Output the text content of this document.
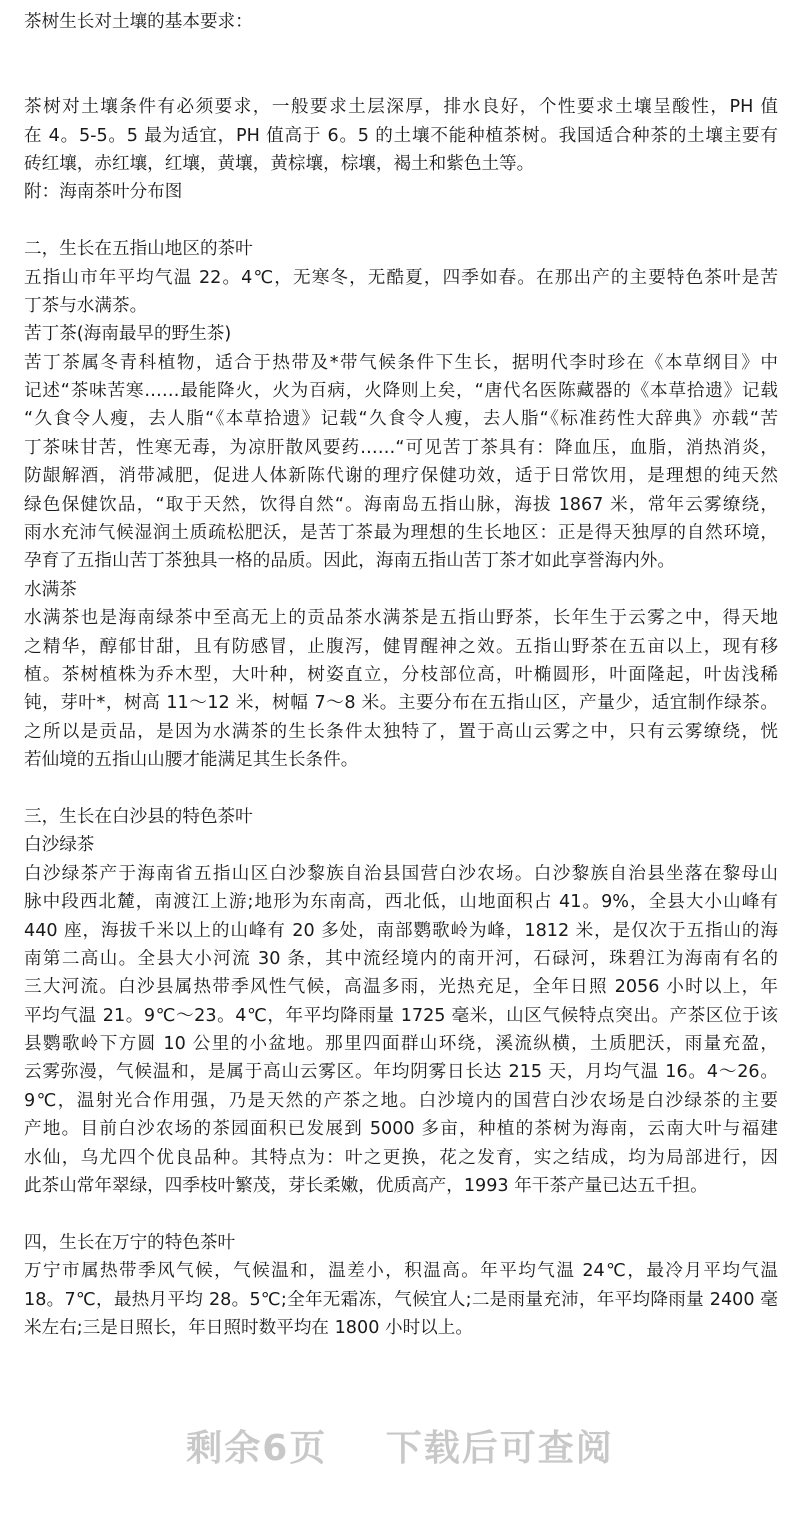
茶树生长对土壤的基本要求：
茶树对土壤条件有必须要求，一般要求土层深厚，排水良好，个性要求土壤呈酸性，PH 值
在 4。5-5。5 最为适宜，PH 值高于 6。5 的土壤不能种植茶树。我国适合种茶的土壤主要有
砖红壤，赤红壤，红壤，黄壤，黄棕壤，棕壤，褐土和紫色土等。
附：海南茶叶分布图
二，生长在五指山地区的茶叶
五指山市年平均气温 22。4℃，无寒冬，无酷夏，四季如春。在那出产的主要特色茶叶是苦
丁茶与水满茶。
苦丁茶(海南最早的野生茶)
苦丁茶属冬青科植物，适合于热带及*带气候条件下生长，据明代李时珍在《本草纲目》中
记述“茶味苦寒……最能降火，火为百病，火降则上矣，“唐代名医陈藏器的《本草拾遗》记载
“久食令人瘦，去人脂“《本草拾遗》记载“久食令人瘦，去人脂“《标准药性大辞典》亦载“苦
丁茶味甘苦，性寒无毒，为凉肝散风要药……“可见苦丁茶具有：降血压，血脂，消热消炎，
防龈解酒，消带减肥，促进人体新陈代谢的理疗保健功效，适于日常饮用，是理想的纯天然
绿色保健饮品，“取于天然，饮得自然“。海南岛五指山脉，海拔 1867 米，常年云雾缭绕，
雨水充沛气候湿润土质疏松肥沃，是苦丁茶最为理想的生长地区：正是得天独厚的自然环境，
孕育了五指山苦丁茶独具一格的品质。因此，海南五指山苦丁茶才如此享誉海内外。
水满茶
水满茶也是海南绿茶中至高无上的贡品茶水满茶是五指山野茶，长年生于云雾之中，得天地
之精华，醇郁甘甜，且有防感冒，止腹泻，健胃醒神之效。五指山野茶在五亩以上，现有移
植。茶树植株为乔木型，大叶种，树姿直立，分枝部位高，叶椭圆形，叶面隆起，叶齿浅稀
钝，芽叶*，树高 11～12 米，树幅 7～8 米。主要分布在五指山区，产量少，适宜制作绿茶。
之所以是贡品，是因为水满茶的生长条件太独特了，置于高山云雾之中，只有云雾缭绕，恍
若仙境的五指山山腰才能满足其生长条件。
三，生长在白沙县的特色茶叶
白沙绿茶
白沙绿茶产于海南省五指山区白沙黎族自治县国营白沙农场。白沙黎族自治县坐落在黎母山
脉中段西北麓，南渡江上游;地形为东南高，西北低，山地面积占 41。9%，全县大小山峰有
440 座，海拔千米以上的山峰有 20 多处，南部鹦歌岭为峰，1812 米，是仅次于五指山的海
南第二高山。全县大小河流 30 条，其中流经境内的南开河，石碌河，珠碧江为海南有名的
三大河流。白沙县属热带季风性气候，高温多雨，光热充足，全年日照 2056 小时以上，年
平均气温 21。9℃～23。4℃，年平均降雨量 1725 毫米，山区气候特点突出。产茶区位于该
县鹦歌岭下方圆 10 公里的小盆地。那里四面群山环绕，溪流纵横，土质肥沃，雨量充盈，
云雾弥漫，气候温和，是属于高山云雾区。年均阴雾日长达 215 天，月均气温 16。4～26。
9℃，温射光合作用强，乃是天然的产茶之地。白沙境内的国营白沙农场是白沙绿茶的主要
产地。目前白沙农场的茶园面积已发展到 5000 多亩，种植的茶树为海南，云南大叶与福建
水仙，乌尤四个优良品种。其特点为：叶之更换，花之发育，实之结成，均为局部进行，因
此茶山常年翠绿，四季枝叶繁茂，芽长柔嫩，优质高产，1993 年干茶产量已达五千担。
四，生长在万宁的特色茶叶
万宁市属热带季风气候，气候温和，温差小，积温高。年平均气温 24℃，最冷月平均气温
18。7℃，最热月平均 28。5℃;全年无霜冻，气候宜人;二是雨量充沛，年平均降雨量 2400 毫
米左右;三是日照长，年日照时数平均在 1800 小时以上。
剩余6页 下载后可查阅
